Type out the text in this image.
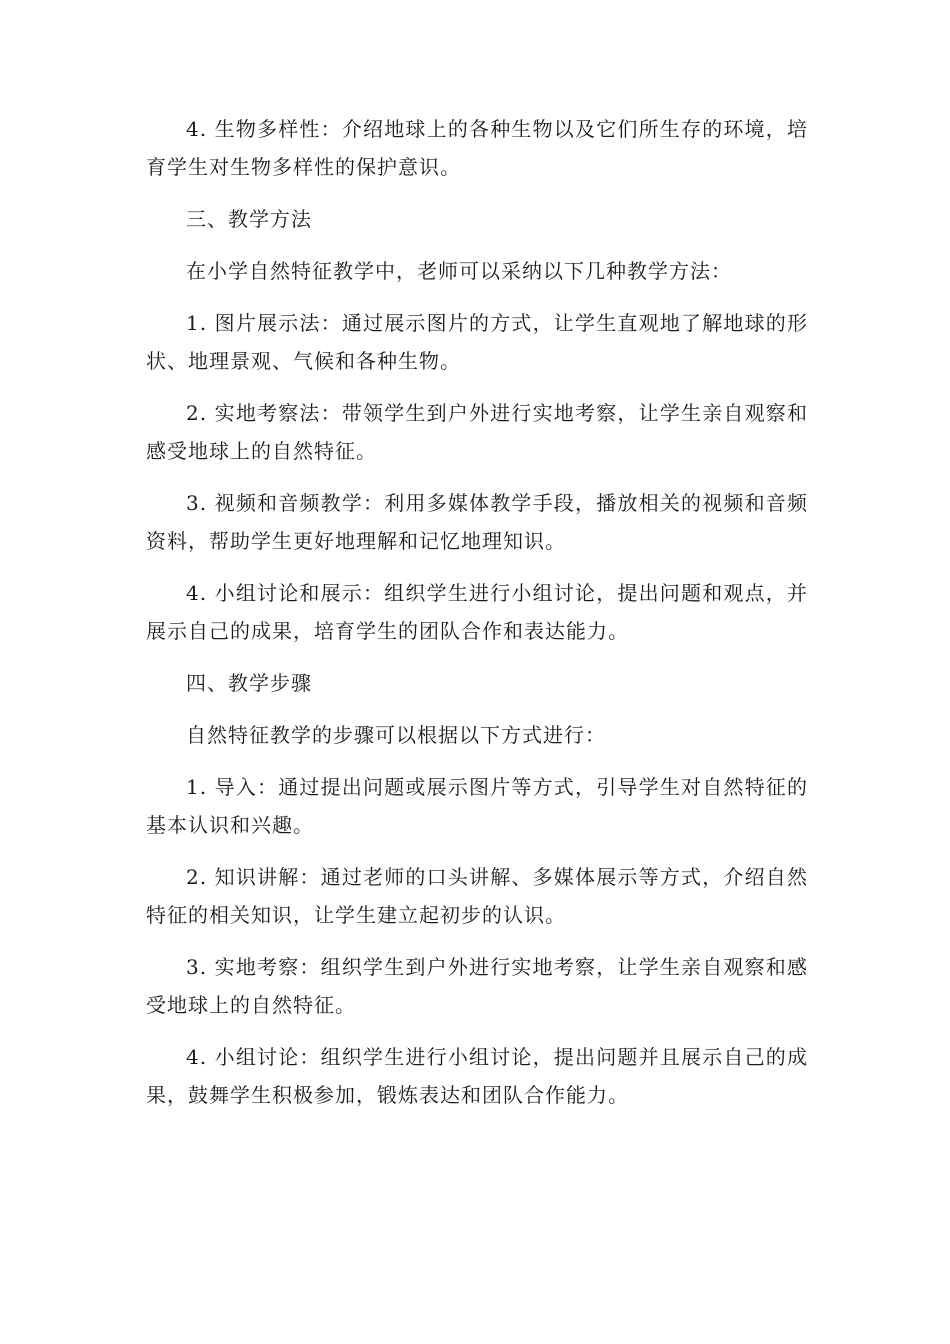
4. 生物多样性：介绍地球上的各种生物以及它们所生存的环境，培育学生对生物多样性的保护意识。

三、教学方法

在小学自然特征教学中，老师可以采纳以下几种教学方法：

1. 图片展示法：通过展示图片的方式，让学生直观地了解地球的形状、地理景观、气候和各种生物。

2. 实地考察法：带领学生到户外进行实地考察，让学生亲自观察和感受地球上的自然特征。

3. 视频和音频教学：利用多媒体教学手段，播放相关的视频和音频资料，帮助学生更好地理解和记忆地理知识。

4. 小组讨论和展示：组织学生进行小组讨论，提出问题和观点，并展示自己的成果，培育学生的团队合作和表达能力。

四、教学步骤

自然特征教学的步骤可以根据以下方式进行：

1. 导入：通过提出问题或展示图片等方式，引导学生对自然特征的基本认识和兴趣。

2. 知识讲解：通过老师的口头讲解、多媒体展示等方式，介绍自然特征的相关知识，让学生建立起初步的认识。

3. 实地考察：组织学生到户外进行实地考察，让学生亲自观察和感受地球上的自然特征。

4. 小组讨论：组织学生进行小组讨论，提出问题并且展示自己的成果，鼓舞学生积极参加，锻炼表达和团队合作能力。
